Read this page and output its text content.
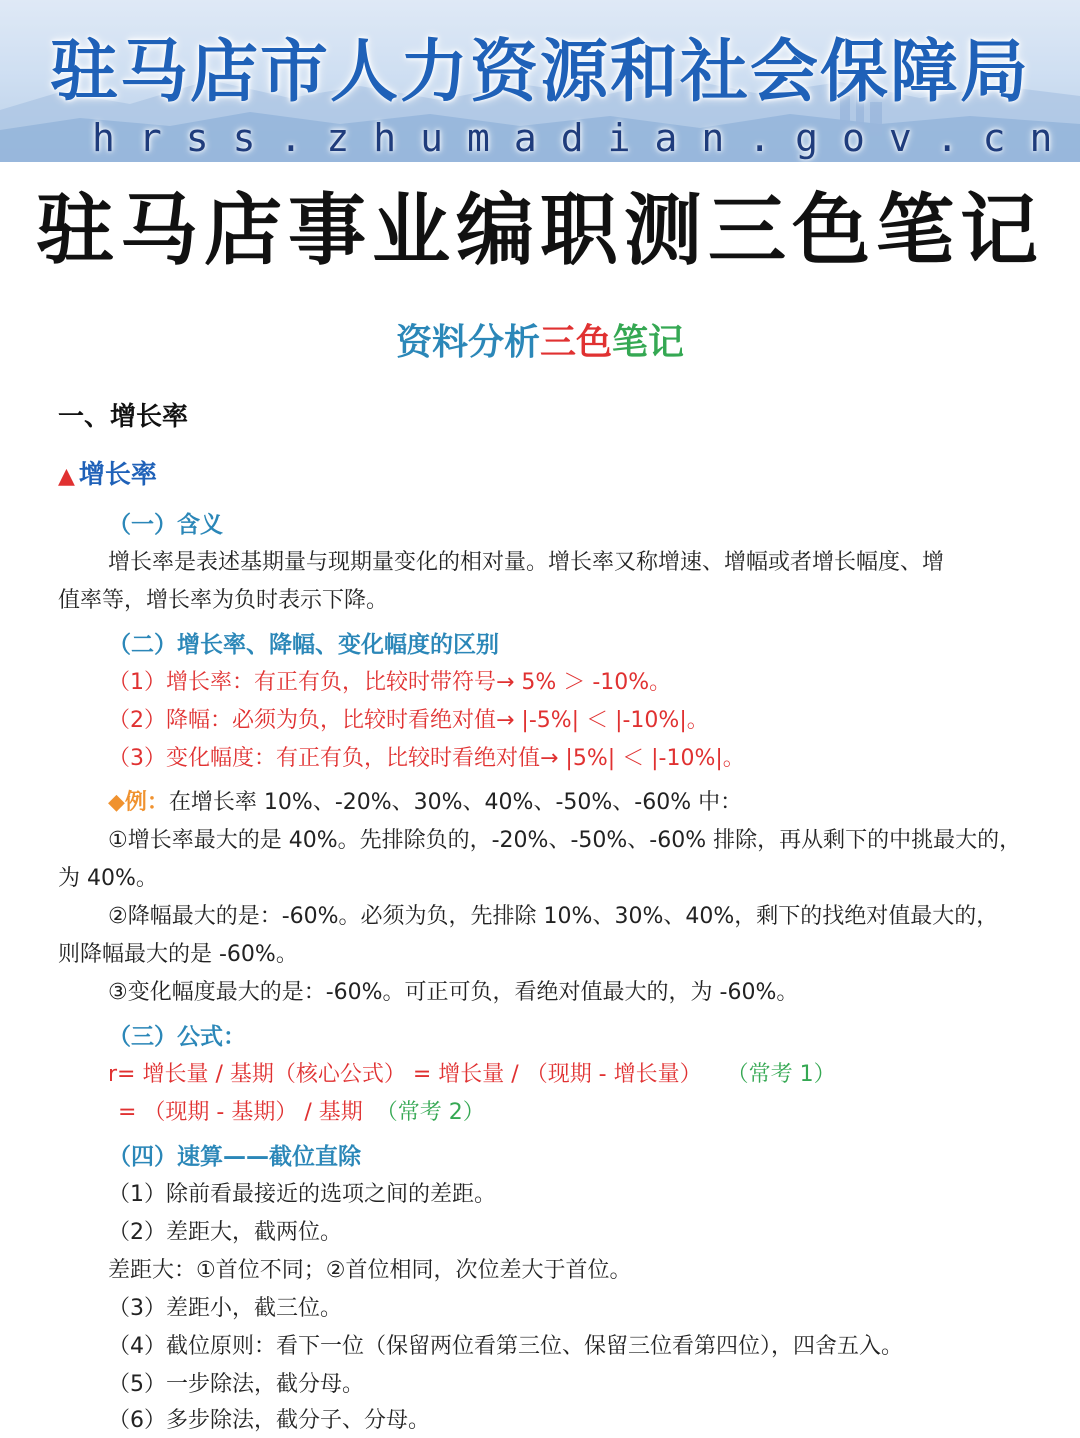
驻马店市人力资源和社会保障局
hrss.zhumadian.gov.cn
驻马店事业编职测三色笔记
资料分析三色笔记
一、增长率
▲ 增长率
（一）含义
增长率是表述基期量与现期量变化的相对量。增长率又称增速、增幅或者增长幅度、增
值率等，增长率为负时表示下降。
（二）增长率、降幅、变化幅度的区别
（1）增长率：有正有负，比较时带符号→ 5% ＞ -10%。
（2）降幅：必须为负，比较时看绝对值→ |-5%| ＜ |-10%|。
（3）变化幅度：有正有负，比较时看绝对值→ |5%| ＜ |-10%|。
◆例：在增长率 10%、-20%、30%、40%、-50%、-60% 中：
①增长率最大的是 40%。先排除负的，-20%、-50%、-60% 排除，再从剩下的中挑最大的，
为 40%。
②降幅最大的是：-60%。必须为负，先排除 10%、30%、40%，剩下的找绝对值最大的，
则降幅最大的是 -60%。
③变化幅度最大的是：-60%。可正可负，看绝对值最大的，为 -60%。
（三）公式：
r= 增长量 / 基期（核心公式） = 增长量 / （现期 - 增长量） （常考 1）
= （现期 - 基期） / 基期 （常考 2）
（四）速算——截位直除
（1）除前看最接近的选项之间的差距。
（2）差距大，截两位。
差距大：①首位不同；②首位相同，次位差大于首位。
（3）差距小，截三位。
（4）截位原则：看下一位（保留两位看第三位、保留三位看第四位），四舍五入。
（5）一步除法，截分母。
（6）多步除法，截分子、分母。
